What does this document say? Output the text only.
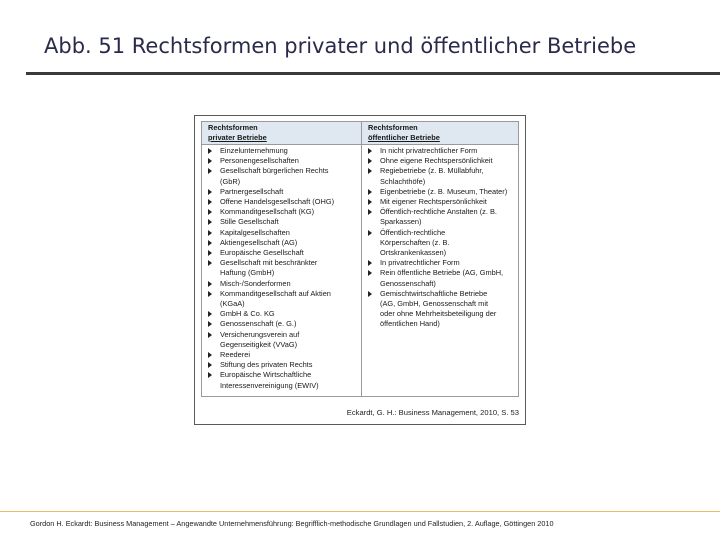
Abb. 51 Rechtsformen privater und öffentlicher Betriebe
Rechtsformen
privater Betriebe
Rechtsformen
öffentlicher Betriebe
Einzelunternehmung
Personengesellschaften
Gesellschaft bürgerlichen Rechts
(GbR)
Partnergesellschaft
Offene Handelsgesellschaft (OHG)
Kommanditgesellschaft (KG)
Stille Gesellschaft
Kapitalgesellschaften
Aktiengesellschaft (AG)
Europäische Gesellschaft
Gesellschaft mit beschränkter
Haftung (GmbH)
Misch-/Sonderformen
Kommanditgesellschaft auf Aktien
(KGaA)
GmbH & Co. KG
Genossenschaft (e. G.)
Versicherungsverein auf
Gegenseitigkeit (VVaG)
Reederei
Stiftung des privaten Rechts
Europäische Wirtschaftliche
Interessenvereinigung (EWIV)
In nicht privatrechtlicher Form
Ohne eigene Rechtspersönlichkeit
Regiebetriebe (z. B. Müllabfuhr,
Schlachthöfe)
Eigenbetriebe (z. B. Museum, Theater)
Mit eigener Rechtspersönlichkeit
Öffentlich-rechtliche Anstalten (z. B.
Sparkassen)
Öffentlich-rechtliche
Körperschaften (z. B.
Ortskrankenkassen)
In privatrechtlicher Form
Rein öffentliche Betriebe (AG, GmbH,
Genossenschaft)
Gemischtwirtschaftliche Betriebe
(AG, GmbH, Genossenschaft mit
oder ohne Mehrheitsbeteiligung der
öffentlichen Hand)
Eckardt, G. H.: Business Management, 2010, S. 53
Gordon H. Eckardt: Business Management – Angewandte Unternehmensführung: Begrifflich-methodische Grundlagen und Fallstudien, 2. Auflage, Göttingen 2010
